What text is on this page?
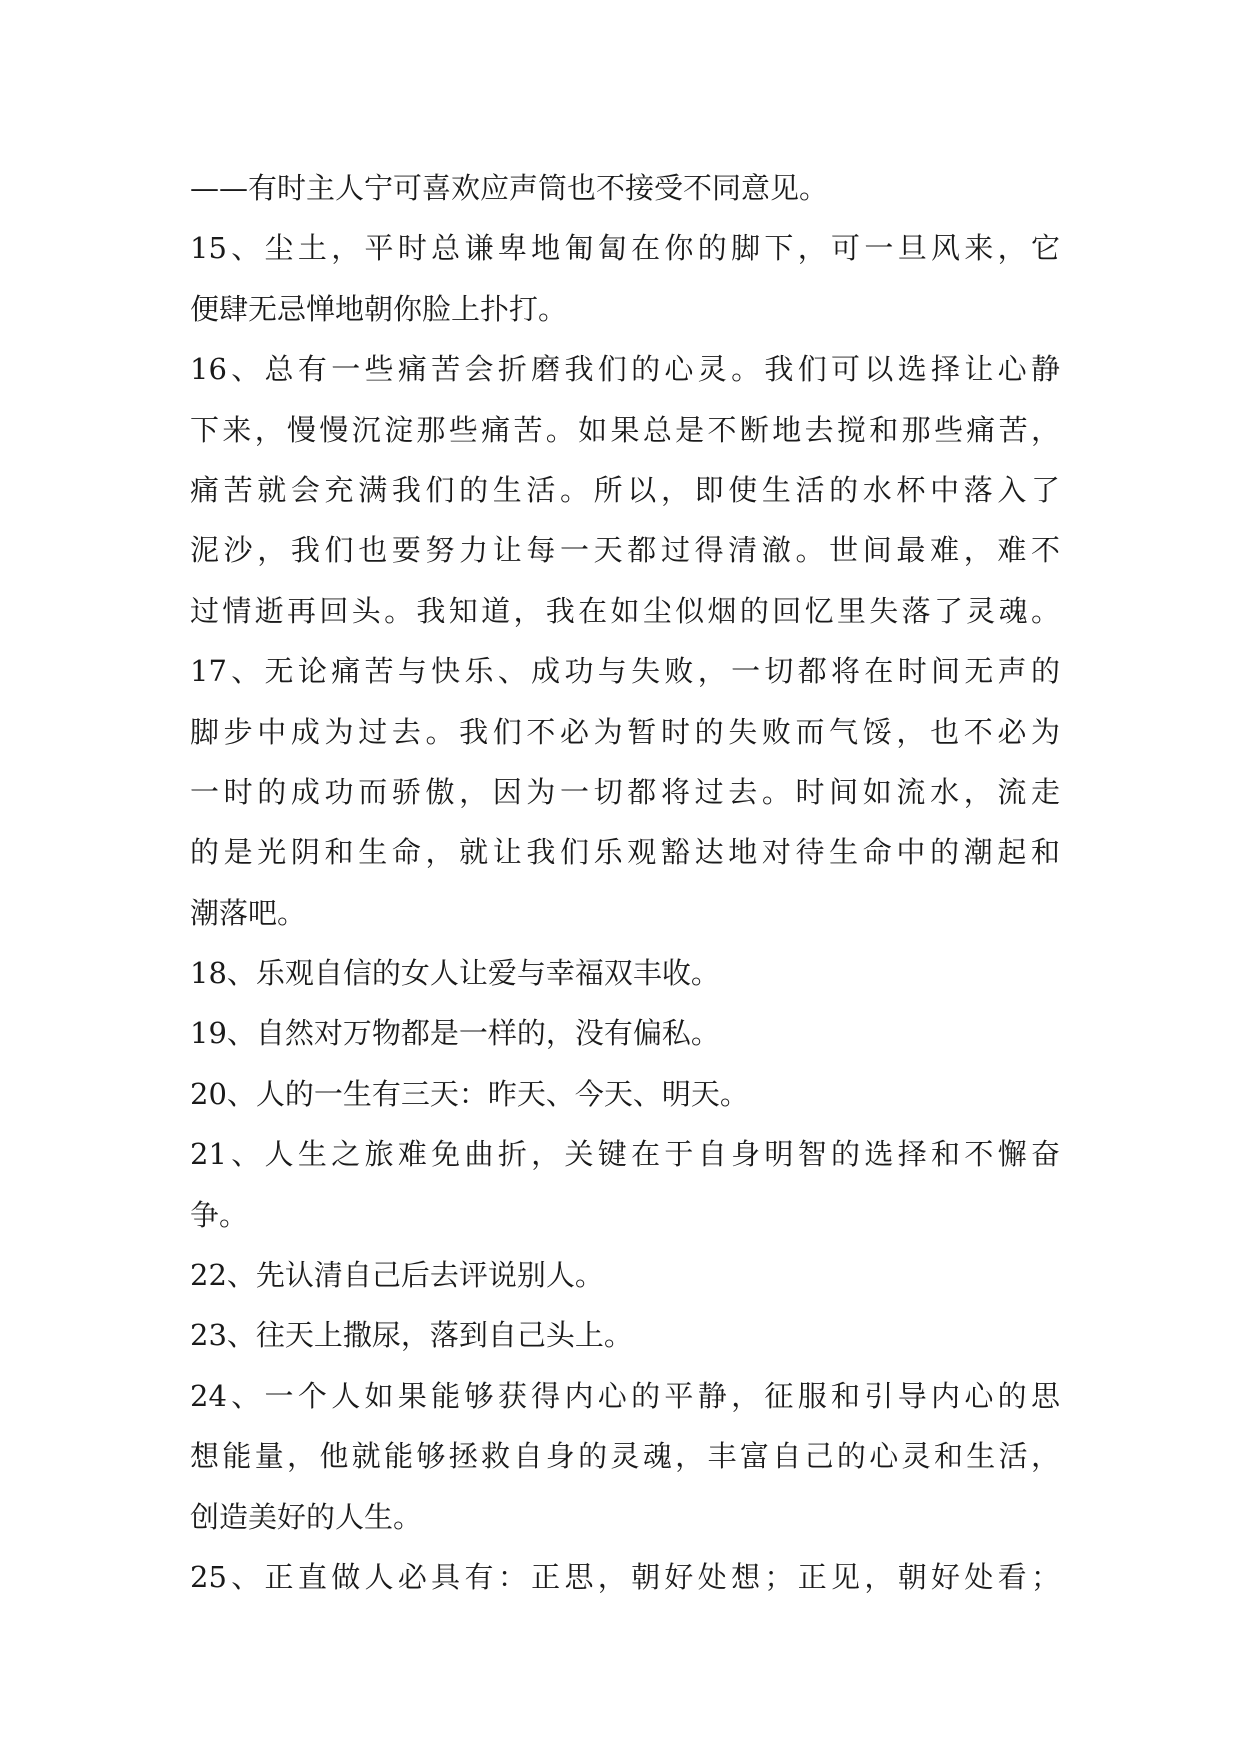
——有时主人宁可喜欢应声筒也不接受不同意见。
15、尘土，平时总谦卑地匍匐在你的脚下，可一旦风来，它
便肆无忌惮地朝你脸上扑打。
16、总有一些痛苦会折磨我们的心灵。我们可以选择让心静
下来，慢慢沉淀那些痛苦。如果总是不断地去搅和那些痛苦，
痛苦就会充满我们的生活。所以，即使生活的水杯中落入了
泥沙，我们也要努力让每一天都过得清澈。世间最难，难不
过情逝再回头。我知道，我在如尘似烟的回忆里失落了灵魂。
17、无论痛苦与快乐、成功与失败，一切都将在时间无声的
脚步中成为过去。我们不必为暂时的失败而气馁，也不必为
一时的成功而骄傲，因为一切都将过去。时间如流水，流走
的是光阴和生命，就让我们乐观豁达地对待生命中的潮起和
潮落吧。
18、乐观自信的女人让爱与幸福双丰收。
19、自然对万物都是一样的，没有偏私。
20、人的一生有三天：昨天、今天、明天。
21、人生之旅难免曲折，关键在于自身明智的选择和不懈奋
争。
22、先认清自己后去评说别人。
23、往天上撒尿，落到自己头上。
24、一个人如果能够获得内心的平静，征服和引导内心的思
想能量，他就能够拯救自身的灵魂，丰富自己的心灵和生活，
创造美好的人生。
25、正直做人必具有：正思，朝好处想；正见，朝好处看；
